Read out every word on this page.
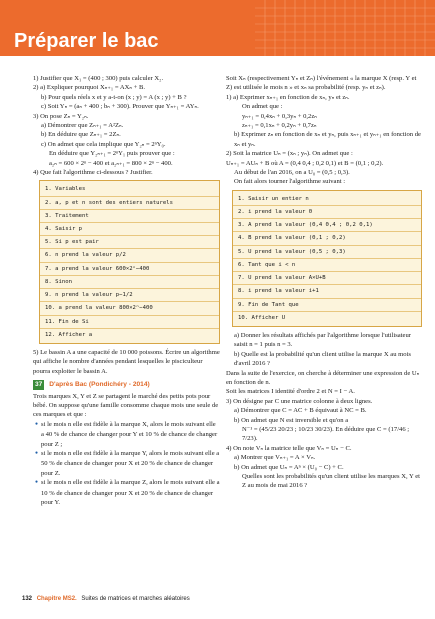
Préparer le bac

1) Justifier que X₁ = (400 ; 300) puis calculer X₂.

2) a) Expliquer pourquoi Xₙ₊₁ = AXₙ + B.

b) Pour quels réels x et y a-t-on (x ; y) = A (x ; y) + B ?

c) Soit Yₙ = (aₙ + 400 ; bₙ + 300). Prouver que Yₙ₊₁ = AYₙ.

3) On pose Zₙ = Y₂ₙ.

a) Démontrer que Zₙ₊₁ = A²Zₙ.

b) En déduire que Zₙ₊₁ = 2Zₙ.

c) On admet que cela implique que Y₂ₙ = 2ⁿY₀.

En déduire que Y₂ₙ₊₁ = 2ⁿY₁ puis prouver que :

a₂ₙ = 600 × 2ⁿ − 400 et a₂ₙ₊₁ = 800 × 2ⁿ − 400.

4) Que fait l'algorithme ci-dessous ? Justifier.

1. Variables
2. a, p et n sont des entiers naturels
3. Traitement
4. Saisir p
5. Si p est pair
6. n prend la valeur p/2
7. a prend la valeur 600×2ⁿ−400
8. Sinon
9. n prend la valeur p−1/2
10. a prend la valeur 800×2ⁿ−400
11. Fin de Si
12. Afficher a

5) Le bassin A a une capacité de 10 000 poissons. Écrire un algorithme qui affiche le nombre d'années pendant lesquelles le pisciculteur pourra exploiter le bassin A.

37 D'après Bac (Pondichéry - 2014)

Trois marques X, Y et Z se partagent le marché des petits pots pour bébé. On suppose qu'une famille consomme chaque mois une seule de ces marques et que :

● si le mois n elle est fidèle à la marque X, alors le mois suivant elle a 40 % de chance de changer pour Y et 10 % de chance de changer pour Z ;

● si le mois n elle est fidèle à la marque Y, alors le mois suivant elle a 50 % de chance de changer pour X et 20 % de chance de changer pour Z.

● si le mois n elle est fidèle à la marque Z, alors le mois suivant elle a 10 % de chance de changer pour X et 20 % de chance de changer pour Y.

Soit Xₙ (respectivement Yₙ et Zₙ) l'événement « la marque X (resp. Y et Z) est utilisée le mois n » et xₙ sa probabilité (resp. yₙ et zₙ).

1) a) Exprimer xₙ₊₁ en fonction de xₙ, yₙ et zₙ.

On admet que :

yₙ₊₁ = 0,4xₙ + 0,3yₙ + 0,2zₙ

zₙ₊₁ = 0,1xₙ + 0,2yₙ + 0,7zₙ

b) Exprimer zₙ en fonction de xₙ et yₙ, puis xₙ₊₁ et yₙ₊₁ en fonction de xₙ et yₙ.

2) Soit la matrice Uₙ = (xₙ ; yₙ). On admet que :

Uₙ₊₁ = AUₙ + B où A = (0,4 0,4 ; 0,2 0,1) et B = (0,1 ; 0,2).

Au début de l'an 2016, on a U₀ = (0,5 ; 0,3).

On fait alors tourner l'algorithme suivant :

1. Saisir un entier n
2. i prend la valeur 0
3. A prend la valeur (0,4 0,4 ; 0,2 0,1)
4. B prend la valeur (0,1 ; 0,2)
5. U prend la valeur (0,5 ; 0,3)
6. Tant que i < n
7. U prend la valeur A×U+B
8. i prend la valeur i+1
9. Fin de Tant que
10. Afficher U

a) Donner les résultats affichés par l'algorithme lorsque l'utilisateur saisit n = 1 puis n = 3.

b) Quelle est la probabilité qu'un client utilise la marque X au mois d'avril 2016 ?

Dans la suite de l'exercice, on cherche à déterminer une expression de Uₙ en fonction de n.

Soit les matrices I identité d'ordre 2 et N = I − A.

3) On désigne par C une matrice colonne à deux lignes.

a) Démontrer que C = AC + B équivaut à NC = B.

b) On admet que N est inversible et qu'on a

N⁻¹ = (45/23 20/23 ; 10/23 30/23). En déduire que C = (17/46 ; 7/23).

4) On note Vₙ la matrice telle que Vₙ = Uₙ − C.

a) Montrer que Vₙ₊₁ = A × Vₙ.

b) On admet que Uₙ = Aⁿ × (U₀ − C) + C.

Quelles sont les probabilités qu'un client utilise les marques X, Y et Z au mois de mai 2016 ?

132 Chapitre MS2. Suites de matrices et marches aléatoires
